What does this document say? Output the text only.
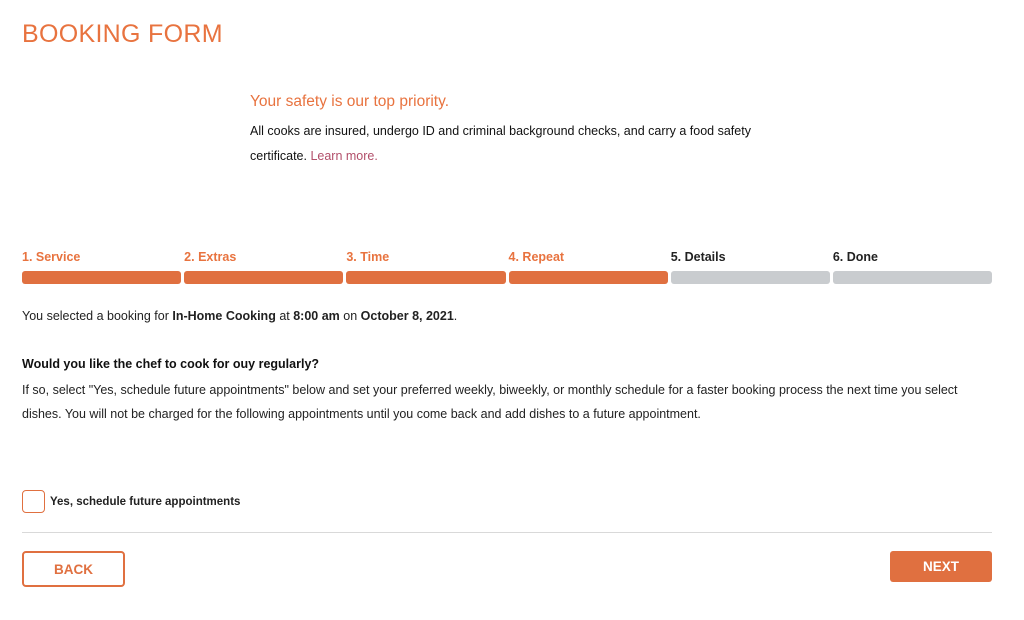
BOOKING FORM
Your safety is our top priority.
All cooks are insured, undergo ID and criminal background checks, and carry a food safety certificate. Learn more.
1. Service	2. Extras	3. Time	4. Repeat	5. Details	6. Done
You selected a booking for In-Home Cooking at 8:00 am on October 8, 2021.
Would you like the chef to cook for ouy regularly?
If so, select "Yes, schedule future appointments" below and set your preferred weekly, biweekly, or monthly schedule for a faster booking process the next time you select dishes. You will not be charged for the following appointments until you come back and add dishes to a future appointment.
Yes, schedule future appointments
BACK	NEXT
